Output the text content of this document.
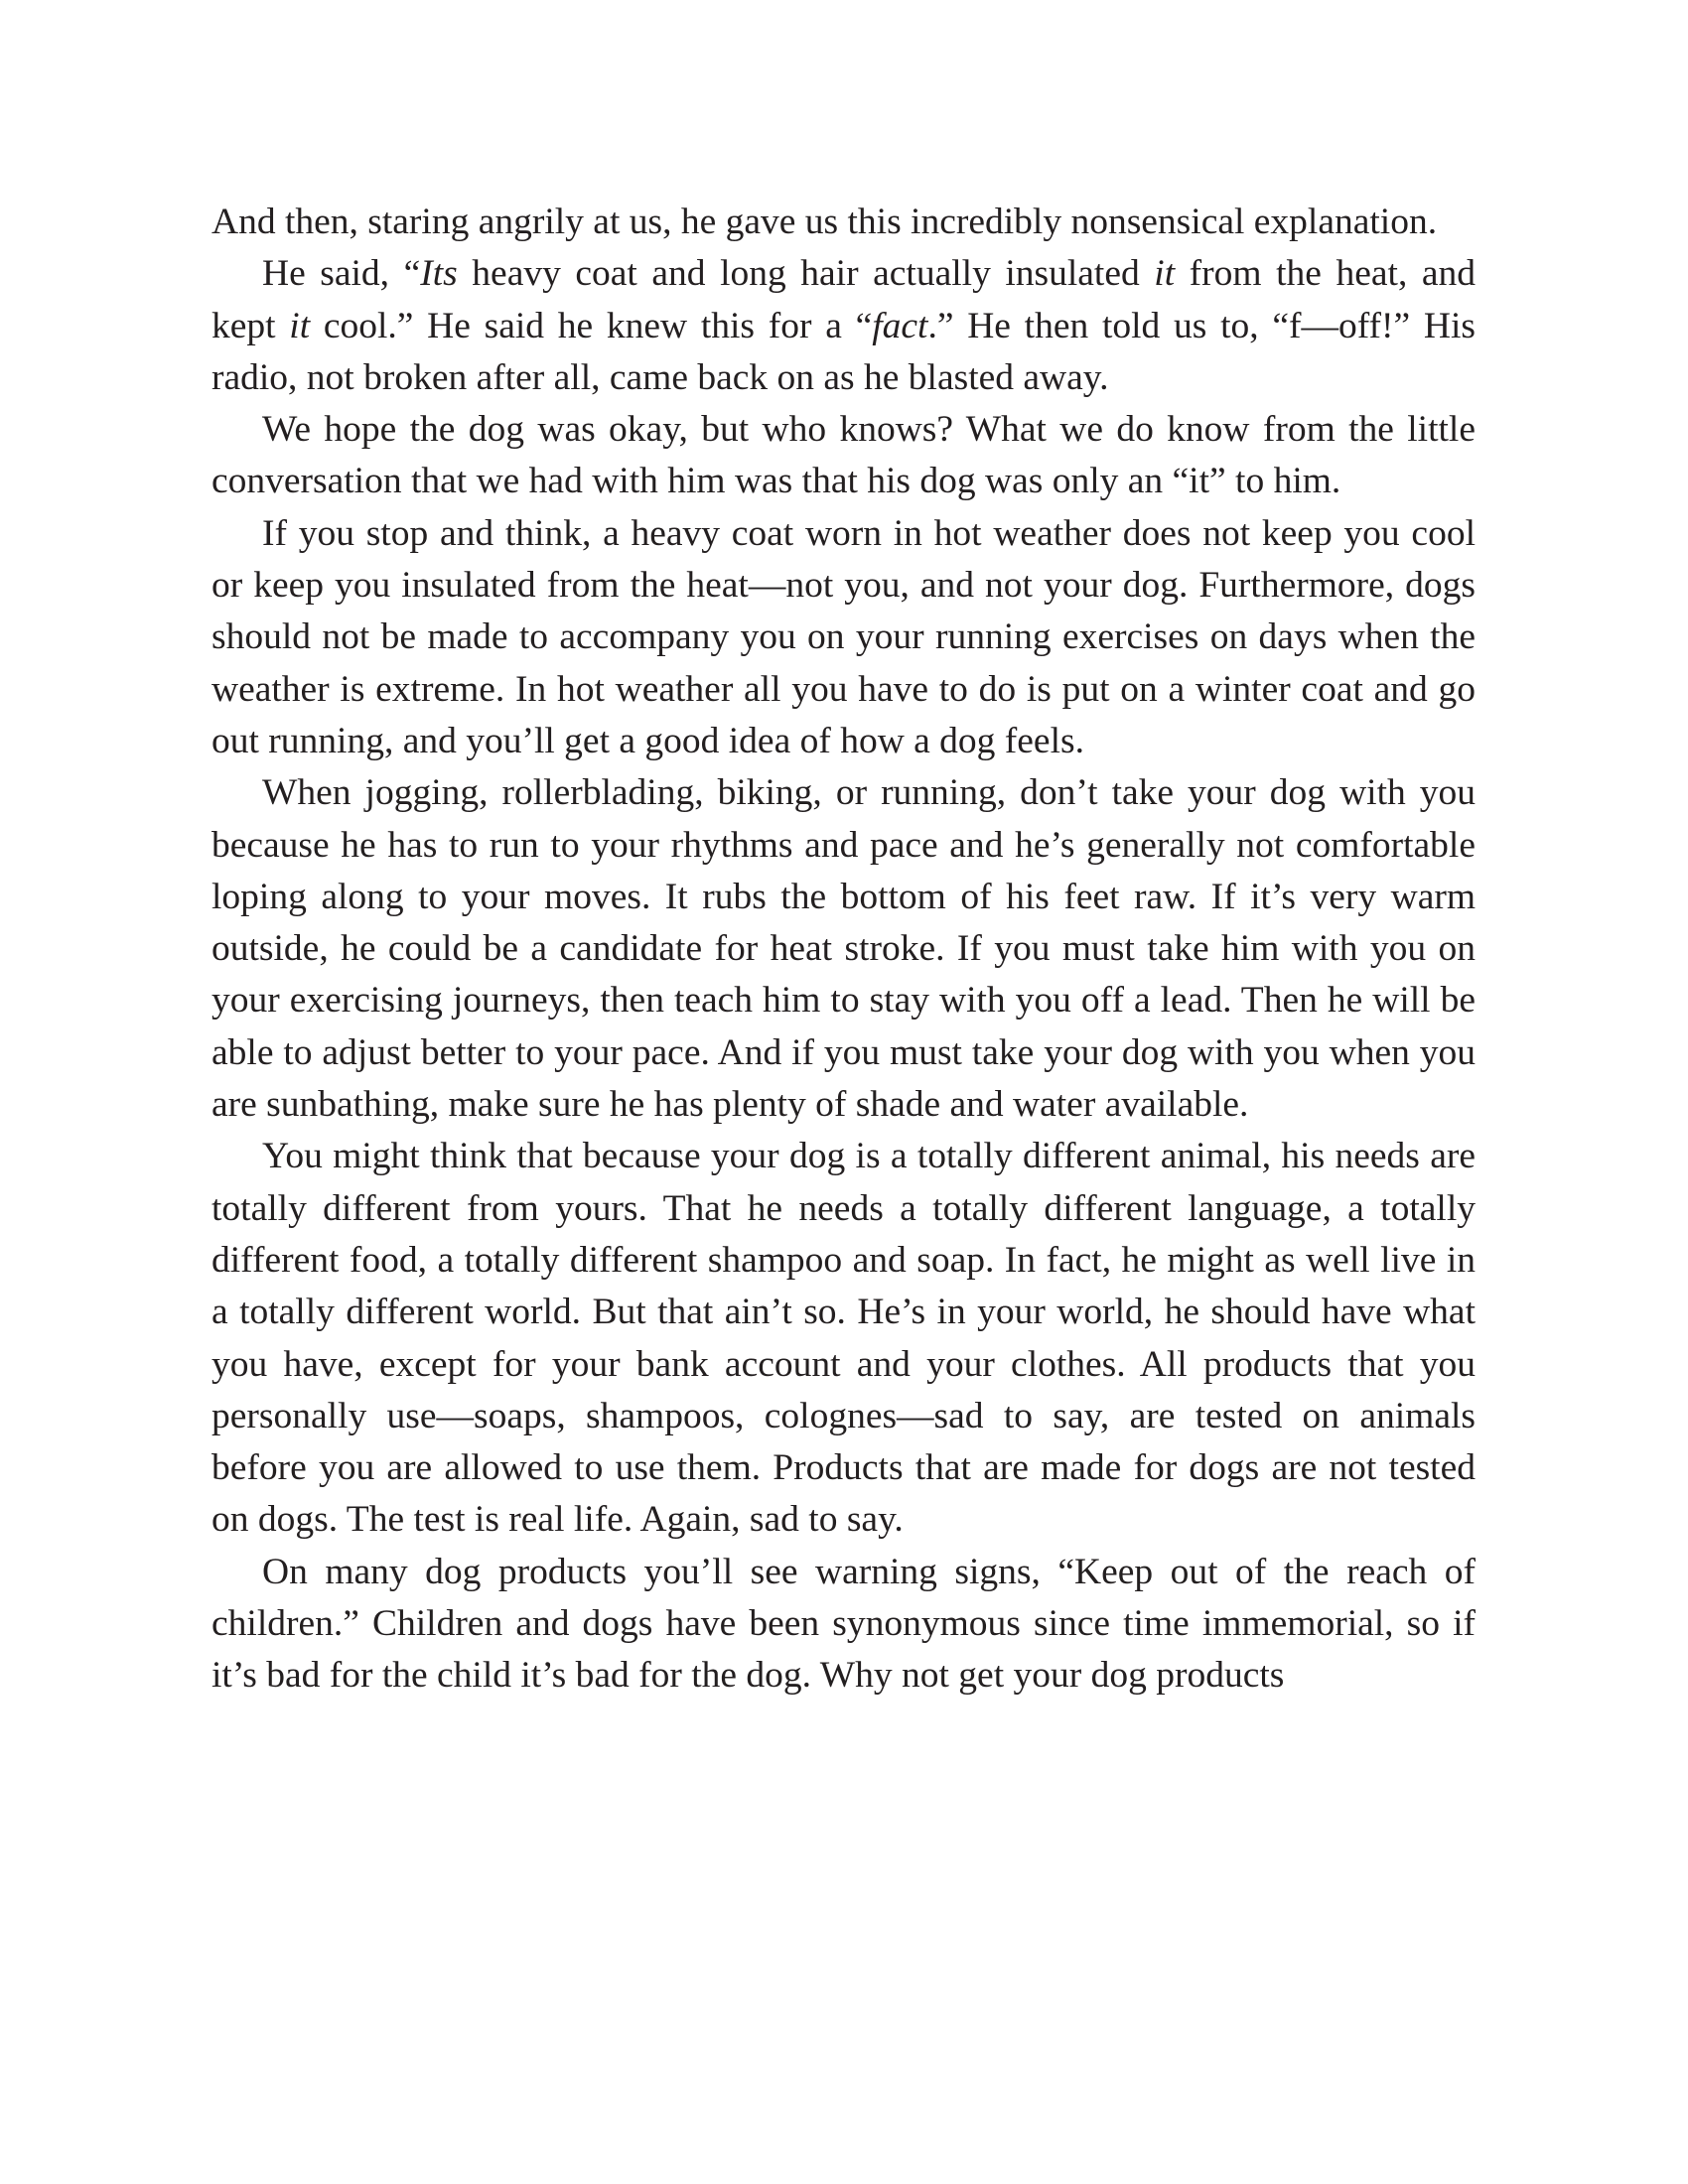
And then, staring angrily at us, he gave us this incredibly nonsensical explanation.

He said, “Its heavy coat and long hair actually insulated it from the heat, and kept it cool.” He said he knew this for a “fact.” He then told us to, “f—off!” His radio, not broken after all, came back on as he blasted away.

We hope the dog was okay, but who knows? What we do know from the little conversation that we had with him was that his dog was only an “it” to him.

If you stop and think, a heavy coat worn in hot weather does not keep you cool or keep you insulated from the heat—not you, and not your dog. Furthermore, dogs should not be made to accompany you on your running exercises on days when the weather is extreme. In hot weather all you have to do is put on a winter coat and go out running, and you’ll get a good idea of how a dog feels.

When jogging, rollerblading, biking, or running, don’t take your dog with you because he has to run to your rhythms and pace and he’s generally not comfortable loping along to your moves. It rubs the bottom of his feet raw. If it’s very warm outside, he could be a candidate for heat stroke. If you must take him with you on your exercising journeys, then teach him to stay with you off a lead. Then he will be able to adjust better to your pace. And if you must take your dog with you when you are sunbathing, make sure he has plenty of shade and water available.

You might think that because your dog is a totally different animal, his needs are totally different from yours. That he needs a totally different language, a totally different food, a totally different shampoo and soap. In fact, he might as well live in a totally different world. But that ain’t so. He’s in your world, he should have what you have, except for your bank account and your clothes. All products that you personally use—soaps, shampoos, colognes—sad to say, are tested on animals before you are allowed to use them. Products that are made for dogs are not tested on dogs. The test is real life. Again, sad to say.

On many dog products you’ll see warning signs, “Keep out of the reach of children.” Children and dogs have been synonymous since time immemorial, so if it’s bad for the child it’s bad for the dog. Why not get your dog products
